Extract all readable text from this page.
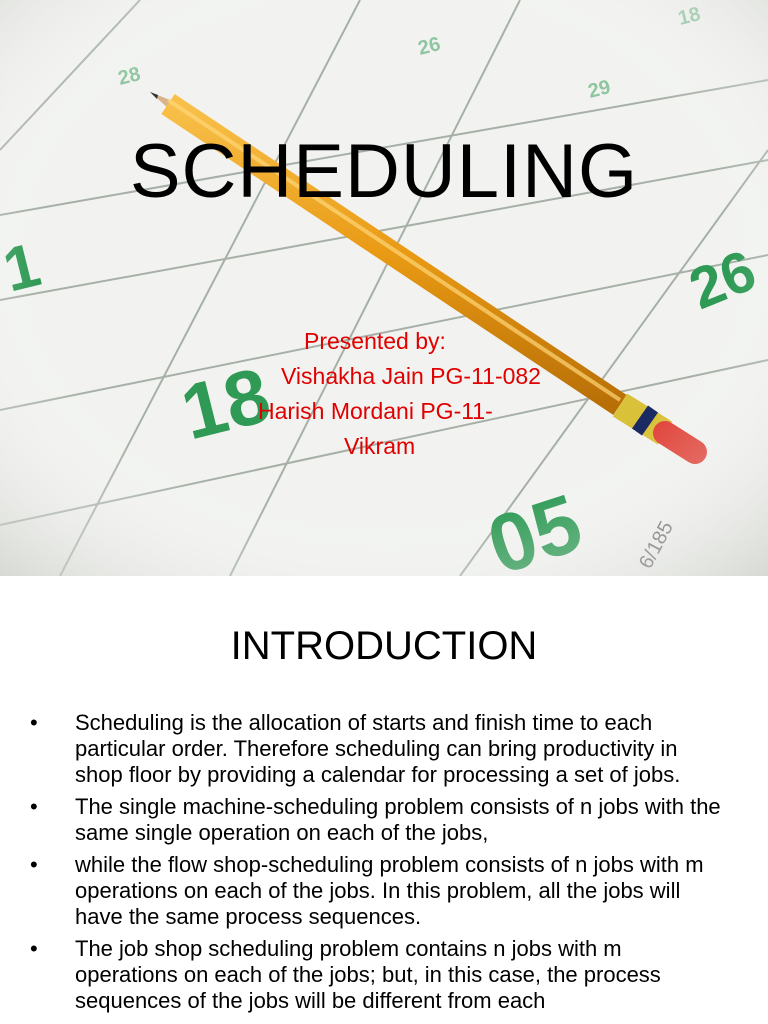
SCHEDULING
Presented by:
Vishakha Jain PG-11-082
Harish Mordani PG-11-
Vikram
INTRODUCTION
•	Scheduling is the allocation of starts and finish time to each particular order. Therefore scheduling can bring productivity in shop floor by providing a calendar for processing a set of jobs.
•	The single machine-scheduling problem consists of n jobs with the same single operation on each of the jobs,
•	while the flow shop-scheduling problem consists of n jobs with m operations on each of the jobs. In this problem, all the jobs will have the same process sequences.
•	The job shop scheduling problem contains n jobs with m operations on each of the jobs; but, in this case, the process sequences of the jobs will be different from each
